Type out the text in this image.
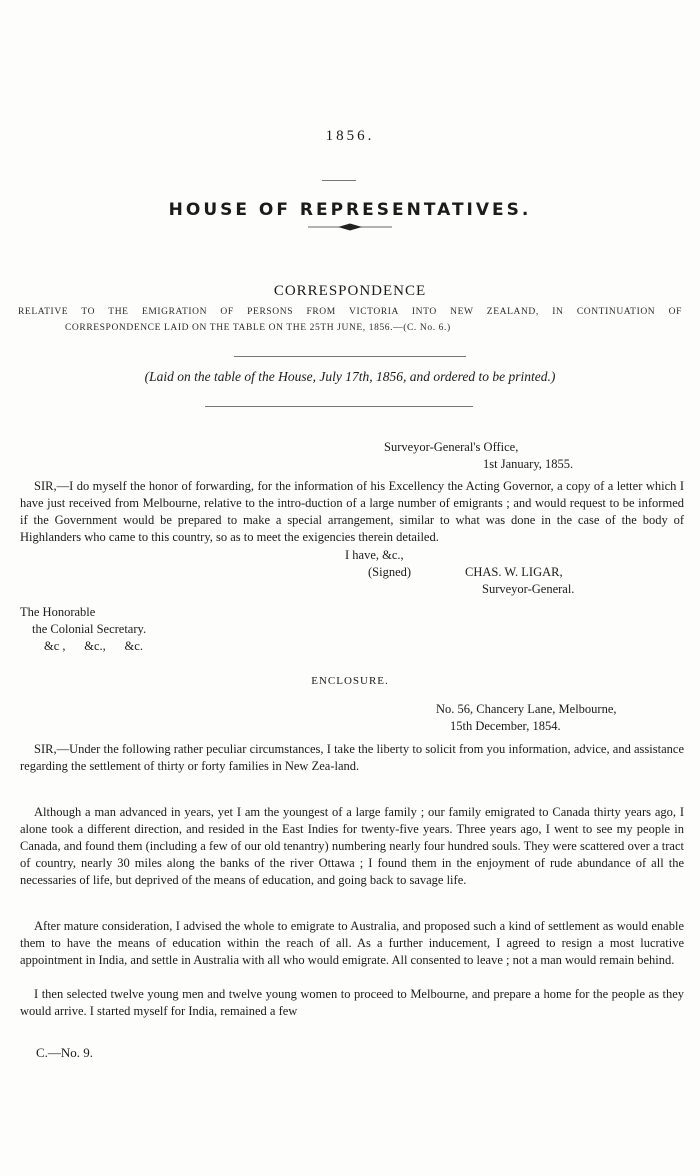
1856.
HOUSE OF REPRESENTATIVES.
CORRESPONDENCE
RELATIVE TO THE EMIGRATION OF PERSONS FROM VICTORIA INTO NEW ZEALAND, IN CONTINUATION OF
CORRESPONDENCE LAID ON THE TABLE ON THE 25TH JUNE, 1856.—(C. No. 6.)
(Laid on the table of the House, July 17th, 1856, and ordered to be printed.)
Surveyor-General's Office,
1st January, 1855.
SIR,—I do myself the honor of forwarding, for the information of his Excellency the Acting Governor, a copy of a letter which I have just received from Melbourne, relative to the intro-duction of a large number of emigrants ; and would request to be informed if the Government would be prepared to make a special arrangement, similar to what was done in the case of the body of Highlanders who came to this country, so as to meet the exigencies therein detailed.
I have, &c.,
(Signed)	CHAS. W. LIGAR,
Surveyor-General.
The Honorable
the Colonial Secretary.
&c ,      &c.,      &c.
ENCLOSURE.
No. 56, Chancery Lane, Melbourne,
15th December, 1854.
SIR,—Under the following rather peculiar circumstances, I take the liberty to solicit from you information, advice, and assistance regarding the settlement of thirty or forty families in New Zea-land.
Although a man advanced in years, yet I am the youngest of a large family ; our family emigrated to Canada thirty years ago, I alone took a different direction, and resided in the East Indies for twenty-five years. Three years ago, I went to see my people in Canada, and found them (including a few of our old tenantry) numbering nearly four hundred souls. They were scattered over a tract of country, nearly 30 miles along the banks of the river Ottawa ; I found them in the enjoyment of rude abundance of all the necessaries of life, but deprived of the means of education, and going back to savage life.
After mature consideration, I advised the whole to emigrate to Australia, and proposed such a kind of settlement as would enable them to have the means of education within the reach of all. As a further inducement, I agreed to resign a most lucrative appointment in India, and settle in Australia with all who would emigrate. All consented to leave ; not a man would remain behind.
I then selected twelve young men and twelve young women to proceed to Melbourne, and prepare a home for the people as they would arrive. I started myself for India, remained a few
C.—No. 9.
